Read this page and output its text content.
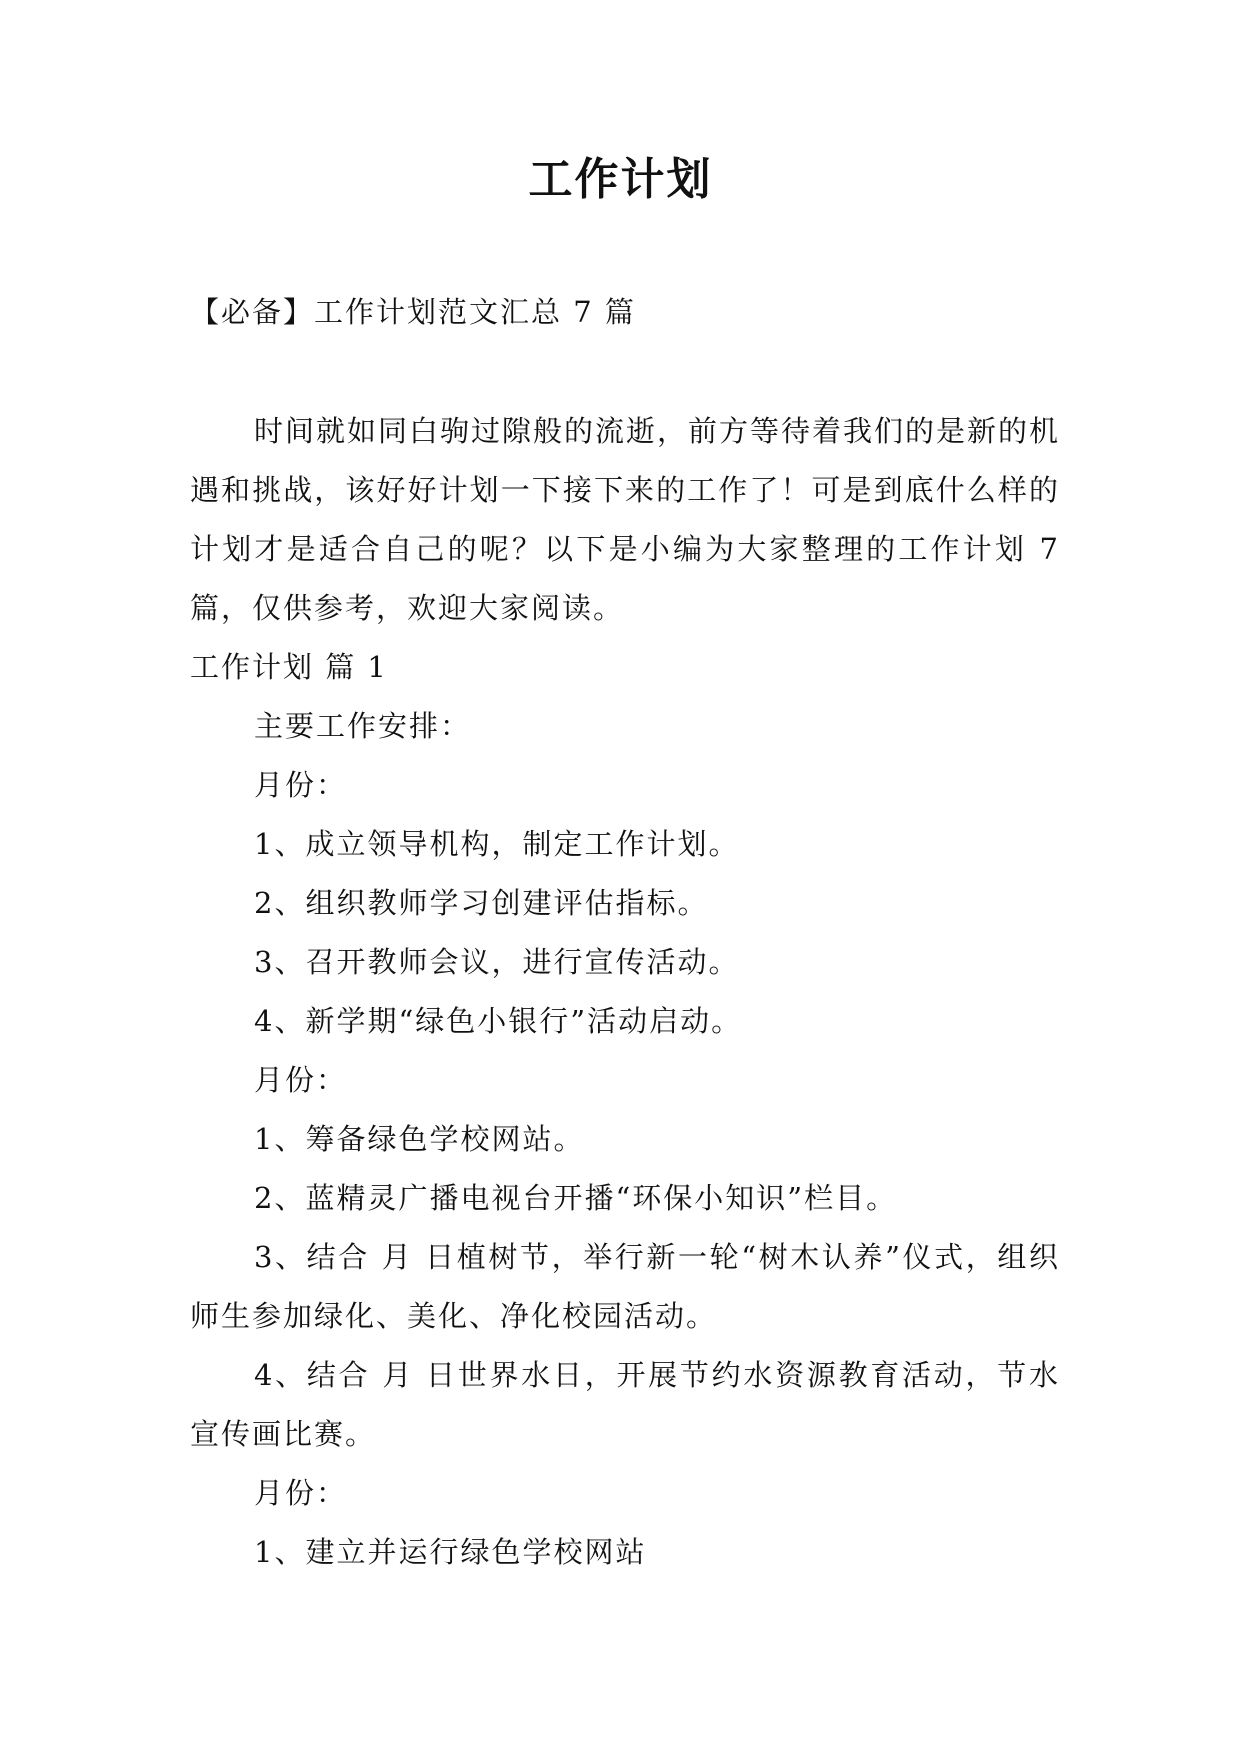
工作计划
【必备】工作计划范文汇总 7 篇

时间就如同白驹过隙般的流逝，前方等待着我们的是新的机遇和挑战，该好好计划一下接下来的工作了！可是到底什么样的计划才是适合自己的呢？以下是小编为大家整理的工作计划 7 篇，仅供参考，欢迎大家阅读。

工作计划 篇 1

主要工作安排：

月份：

1、成立领导机构，制定工作计划。

2、组织教师学习创建评估指标。

3、召开教师会议，进行宣传活动。

4、新学期“绿色小银行”活动启动。

月份：

1、筹备绿色学校网站。

2、蓝精灵广播电视台开播“环保小知识”栏目。

3、结合 月 日植树节，举行新一轮“树木认养”仪式，组织师生参加绿化、美化、净化校园活动。

4、结合 月 日世界水日，开展节约水资源教育活动，节水宣传画比赛。

月份：

1、建立并运行绿色学校网站
